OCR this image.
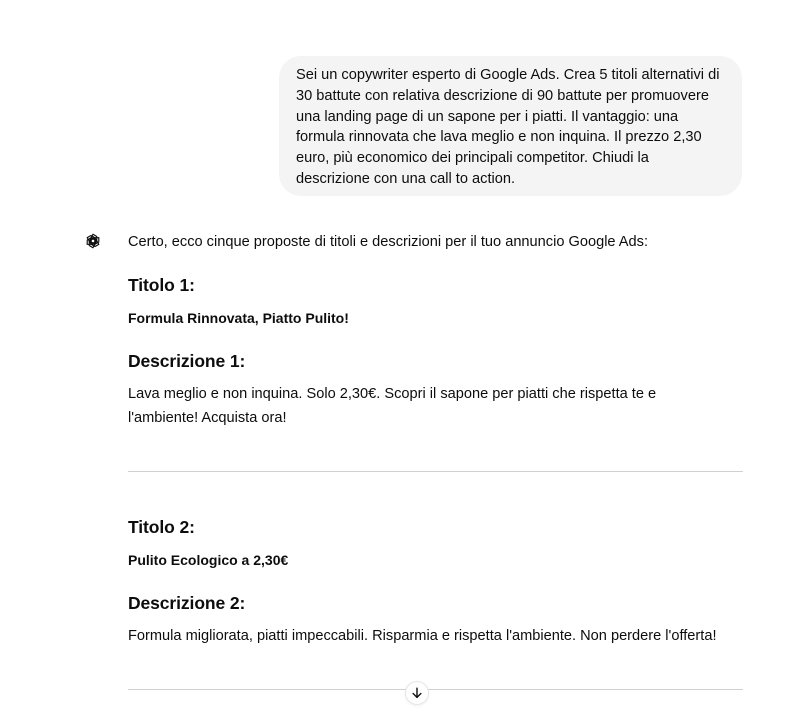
Sei un copywriter esperto di Google Ads. Crea 5 titoli alternativi di 30 battute con relativa descrizione di 90 battute per promuovere una landing page di un sapone per i piatti. Il vantaggio: una formula rinnovata che lava meglio e non inquina. Il prezzo 2,30 euro, più economico dei principali competitor. Chiudi la descrizione con una call to action.

Certo, ecco cinque proposte di titoli e descrizioni per il tuo annuncio Google Ads:

Titolo 1:

Formula Rinnovata, Piatto Pulito!

Descrizione 1:

Lava meglio e non inquina. Solo 2,30€. Scopri il sapone per piatti che rispetta te e l'ambiente! Acquista ora!

Titolo 2:

Pulito Ecologico a 2,30€

Descrizione 2:

Formula migliorata, piatti impeccabili. Risparmia e rispetta l'ambiente. Non perdere l'offerta!
